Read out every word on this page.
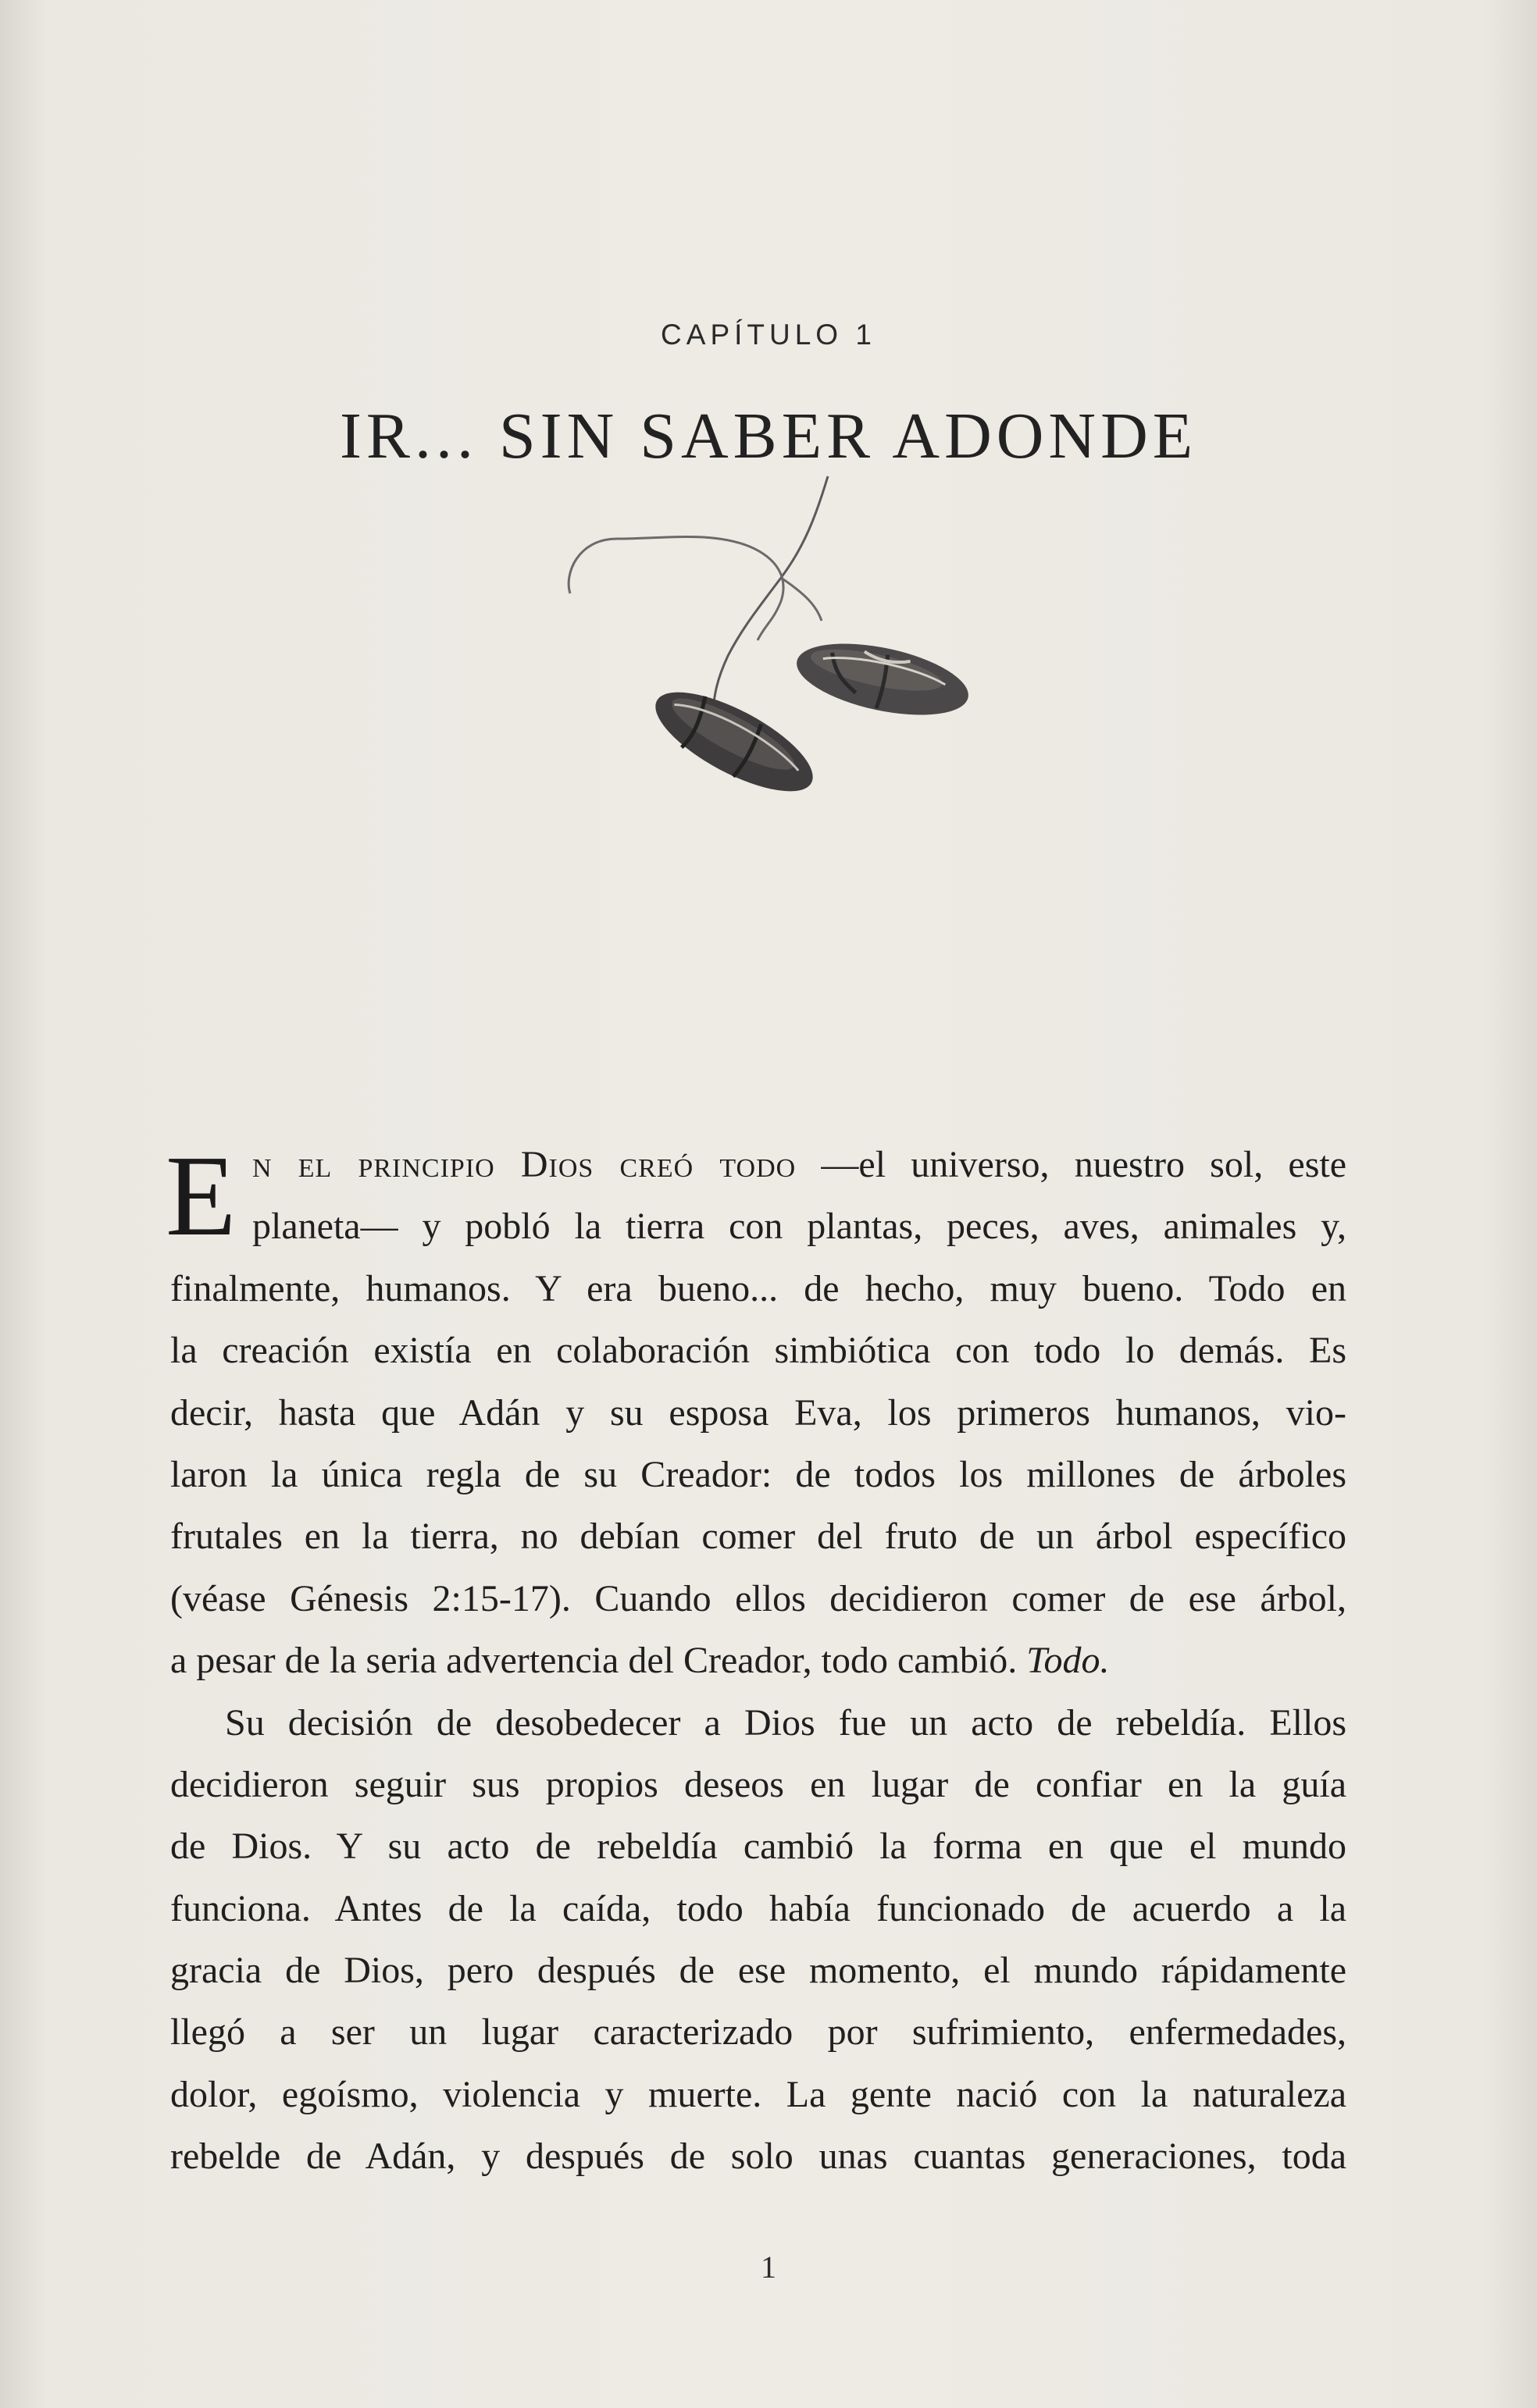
CAPÍTULO 1
IR... SIN SABER ADONDE
E n el principio Dios creó todo —el universo, nuestro sol, este
planeta— y pobló la tierra con plantas, peces, aves, animales y,
finalmente, humanos. Y era bueno... de hecho, muy bueno. Todo en
la creación existía en colaboración simbiótica con todo lo demás. Es
decir, hasta que Adán y su esposa Eva, los primeros humanos, vio-
laron la única regla de su Creador: de todos los millones de árboles
frutales en la tierra, no debían comer del fruto de un árbol específico
(véase Génesis 2:15-17). Cuando ellos decidieron comer de ese árbol,
a pesar de la seria advertencia del Creador, todo cambió. Todo.
Su decisión de desobedecer a Dios fue un acto de rebeldía. Ellos
decidieron seguir sus propios deseos en lugar de confiar en la guía
de Dios. Y su acto de rebeldía cambió la forma en que el mundo
funciona. Antes de la caída, todo había funcionado de acuerdo a la
gracia de Dios, pero después de ese momento, el mundo rápidamente
llegó a ser un lugar caracterizado por sufrimiento, enfermedades,
dolor, egoísmo, violencia y muerte. La gente nació con la naturaleza
rebelde de Adán, y después de solo unas cuantas generaciones, toda
1
